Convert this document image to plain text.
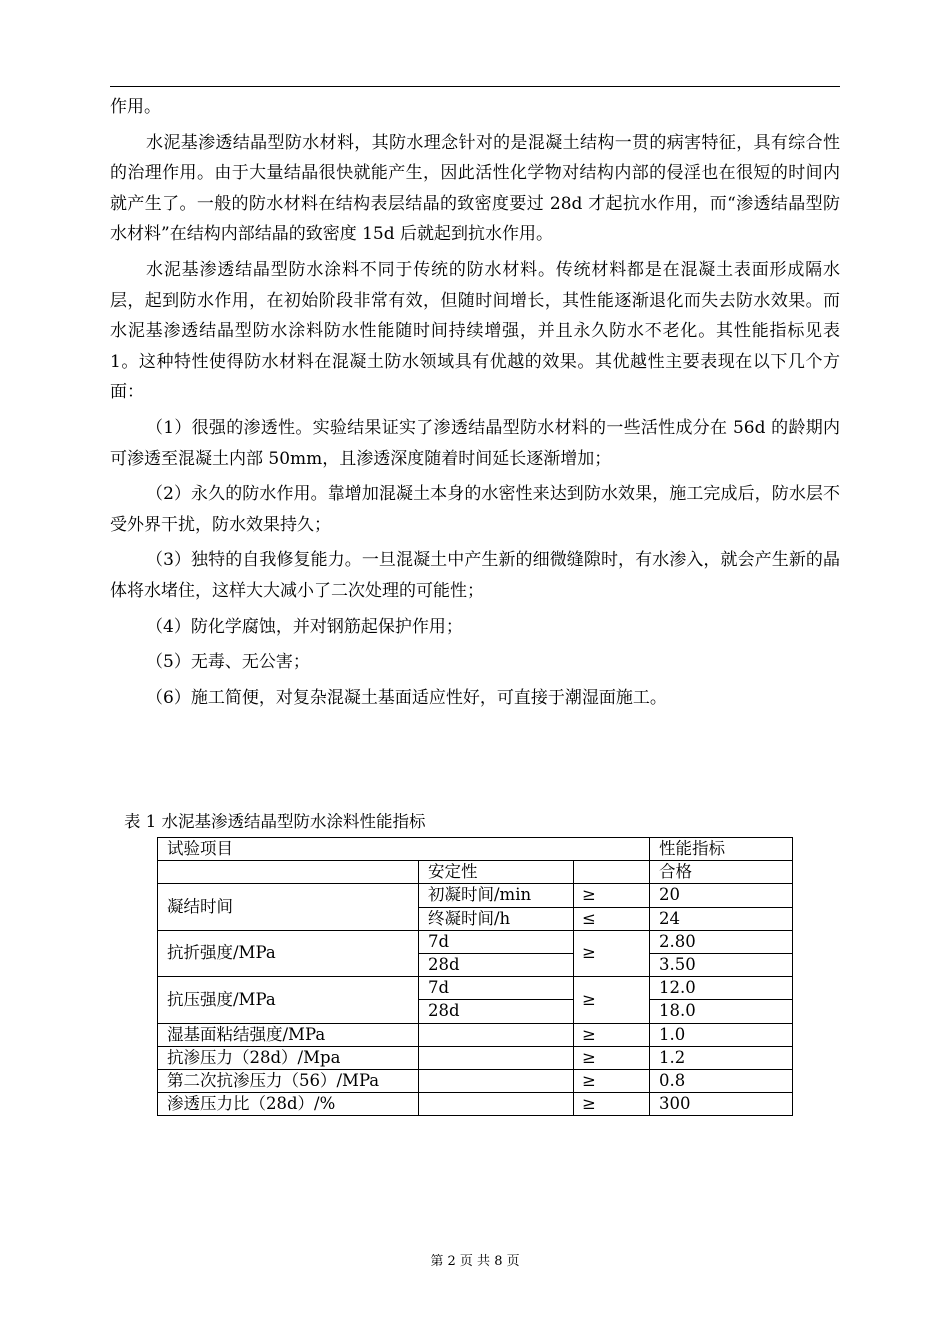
作用。

水泥基渗透结晶型防水材料，其防水理念针对的是混凝土结构一贯的病害特征，具有综合性的治理作用。由于大量结晶很快就能产生，因此活性化学物对结构内部的侵淫也在很短的时间内就产生了。一般的防水材料在结构表层结晶的致密度要过 28d 才起抗水作用，而“渗透结晶型防水材料”在结构内部结晶的致密度 15d 后就起到抗水作用。

水泥基渗透结晶型防水涂料不同于传统的防水材料。传统材料都是在混凝土表面形成隔水层，起到防水作用，在初始阶段非常有效，但随时间增长，其性能逐渐退化而失去防水效果。而水泥基渗透结晶型防水涂料防水性能随时间持续增强，并且永久防水不老化。其性能指标见表 1。这种特性使得防水材料在混凝土防水领域具有优越的效果。其优越性主要表现在以下几个方面：

（1）很强的渗透性。实验结果证实了渗透结晶型防水材料的一些活性成分在 56d 的龄期内可渗透至混凝土内部 50mm，且渗透深度随着时间延长逐渐增加；

（2）永久的防水作用。靠增加混凝土本身的水密性来达到防水效果，施工完成后，防水层不受外界干扰，防水效果持久；

（3）独特的自我修复能力。一旦混凝土中产生新的细微缝隙时，有水渗入，就会产生新的晶体将水堵住，这样大大减小了二次处理的可能性；

（4）防化学腐蚀，并对钢筋起保护作用；

（5）无毒、无公害；

（6）施工简便，对复杂混凝土基面适应性好，可直接于潮湿面施工。

表 1 水泥基渗透结晶型防水涂料性能指标
试验项目			性能指标
	安定性		合格
凝结时间	初凝时间/min	≥	20
	终凝时间/h	≤	24
抗折强度/MPa	7d	≥	2.80
	28d		3.50
抗压强度/MPa	7d	≥	12.0
	28d		18.0
湿基面粘结强度/MPa		≥	1.0
抗渗压力（28d）/Mpa		≥	1.2
第二次抗渗压力（56）/MPa		≥	0.8
渗透压力比（28d）/%		≥	300
第 2 页 共 8 页
